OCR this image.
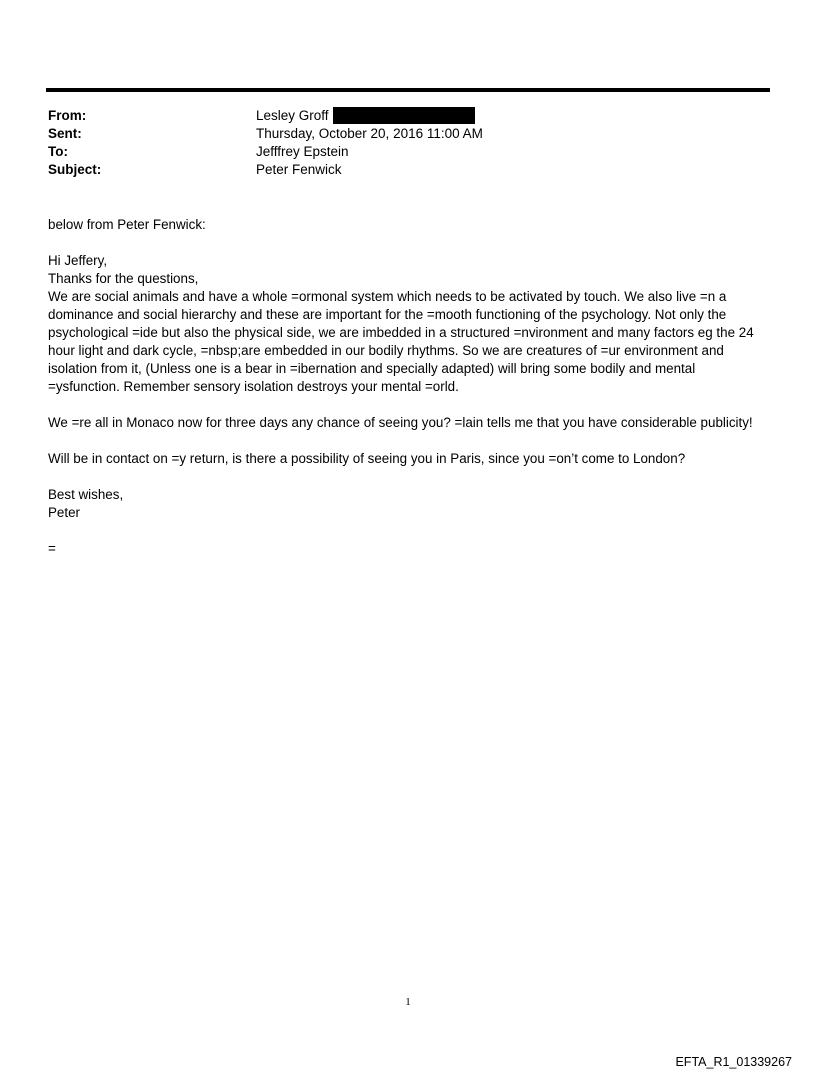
From:	Lesley Groff
Sent:	Thursday, October 20, 2016 11:00 AM
To:	Jefffrey Epstein
Subject:	Peter Fenwick

below from Peter Fenwick:

Hi Jeffery,

Thanks for the questions,

We are social animals and have a whole =ormonal system which needs to be activated by touch. We also live =n a

dominance and social hierarchy and these are important for the =mooth functioning of the psychology. Not only the

psychological =ide but also the physical side, we are imbedded in a structured =nvironment and many factors eg the 24

hour light and dark cycle, =nbsp;are embedded in our bodily rhythms. So we are creatures of =ur environment and

isolation from it, (Unless one is a bear in =ibernation and specially adapted) will bring some bodily and mental

=ysfunction. Remember sensory isolation destroys your mental =orld.

We =re all in Monaco now for three days any chance of seeing you? =lain tells me that you have considerable publicity!

Will be in contact on =y return, is there a possibility of seeing you in Paris, since you =on’t come to London?

Best wishes,

Peter

=

1
EFTA_R1_01339267
